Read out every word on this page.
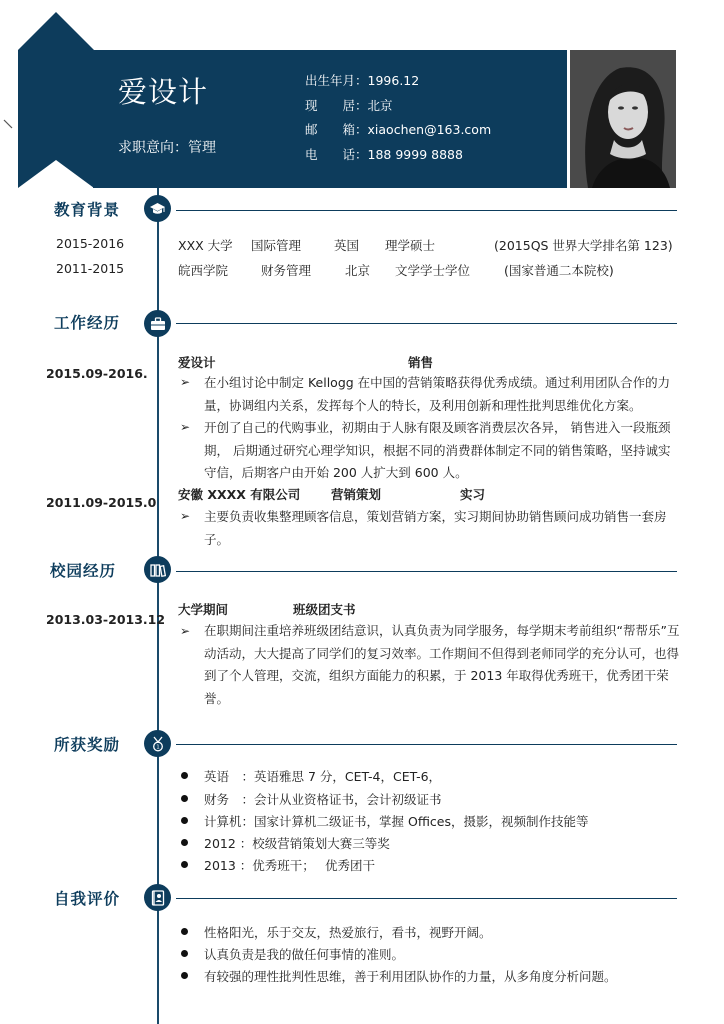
爱设计
求职意向：管理
出生年月：1996.12
现　　居：北京
邮　　箱：xiaochen@163.com
电　　话：188 9999 8888
教育背景
2015-2016	XXX 大学 国际管理	英国 理学硕士	(2015QS 世界大学排名第 123)
2011-2015	皖西学院	财务管理	北京 文学学士学位	(国家普通二本院校)
工作经历
2015.09-2016.
爱设计	销售
➢ 在小组讨论中制定 Kellogg 在中国的营销策略获得优秀成绩。通过利用团队合作的力量，协调组内关系，发挥每个人的特长，及利用创新和理性批判思维优化方案。
➢ 开创了自己的代购事业，初期由于人脉有限及顾客消费层次各异， 销售进入一段瓶颈期， 后期通过研究心理学知识，根据不同的消费群体制定不同的销售策略，坚持诚实守信，后期客户由开始 200 人扩大到 600 人。
2011.09-2015.0
安徽 XXXX 有限公司 营销策划	实习
➢ 主要负责收集整理顾客信息，策划营销方案，实习期间协助销售顾问成功销售一套房子。
校园经历
2013.03-2013.12
大学期间	班级团支书
➢ 在职期间注重培养班级团结意识，认真负责为同学服务，每学期末考前组织“帮帮乐”互动活动，大大提高了同学们的复习效率。工作期间不但得到老师同学的充分认可，也得到了个人管理，交流，组织方面能力的积累，于 2013 年取得优秀班干，优秀团干荣誉。
所获奖励	1
英语　：英语雅思 7 分，CET-4，CET-6，
财务　：会计从业资格证书，会计初级证书
计算机：国家计算机二级证书，掌握 Offices，摄影，视频制作技能等
2012 ：校级营销策划大赛三等奖
2013 ：优秀班干；　 优秀团干
自我评价
性格阳光，乐于交友，热爱旅行，看书，视野开阔。
认真负责是我的做任何事情的准则。
有较强的理性批判性思维，善于利用团队协作的力量，从多角度分析问题。
